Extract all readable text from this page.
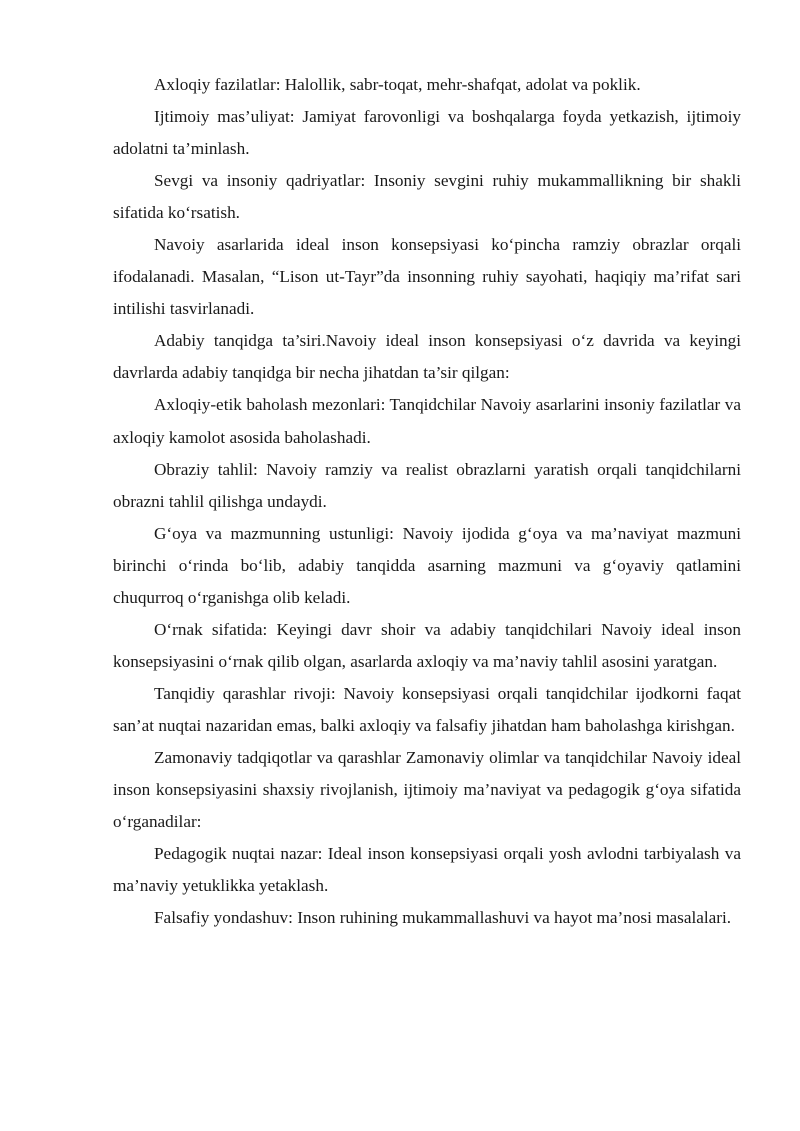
Axloqiy fazilatlar: Halollik, sabr-toqat, mehr-shafqat, adolat va poklik.

Ijtimoiy mas’uliyat: Jamiyat farovonligi va boshqalarga foyda yetkazish, ijtimoiy adolatni ta’minlash.

Sevgi va insoniy qadriyatlar: Insoniy sevgini ruhiy mukammallikning bir shakli sifatida ko‘rsatish.

Navoiy asarlarida ideal inson konsepsiyasi ko‘pincha ramziy obrazlar orqali ifodalanadi. Masalan, “Lison ut-Tayr”da insonning ruhiy sayohati, haqiqiy ma’rifat sari intilishi tasvirlanadi.

Adabiy tanqidga ta’siri.Navoiy ideal inson konsepsiyasi o‘z davrida va keyingi davrlarda adabiy tanqidga bir necha jihatdan ta’sir qilgan:

Axloqiy-etik baholash mezonlari: Tanqidchilar Navoiy asarlarini insoniy fazilatlar va axloqiy kamolot asosida baholashadi.

Obraziy tahlil: Navoiy ramziy va realist obrazlarni yaratish orqali tanqidchilarni obrazni tahlil qilishga undaydi.

G‘oya va mazmunning ustunligi: Navoiy ijodida g‘oya va ma’naviyat mazmuni birinchi o‘rinda bo‘lib, adabiy tanqidda asarning mazmuni va g‘oyaviy qatlamini chuqurroq o‘rganishga olib keladi.

O‘rnak sifatida: Keyingi davr shoir va adabiy tanqidchilari Navoiy ideal inson konsepsiyasini o‘rnak qilib olgan, asarlarda axloqiy va ma’naviy tahlil asosini yaratgan.

Tanqidiy qarashlar rivoji: Navoiy konsepsiyasi orqali tanqidchilar ijodkorni faqat san’at nuqtai nazaridan emas, balki axloqiy va falsafiy jihatdan ham baholashga kirishgan.

Zamonaviy tadqiqotlar va qarashlar Zamonaviy olimlar va tanqidchilar Navoiy ideal inson konsepsiyasini shaxsiy rivojlanish, ijtimoiy ma’naviyat va pedagogik g‘oya sifatida o‘rganadilar:

Pedagogik nuqtai nazar: Ideal inson konsepsiyasi orqali yosh avlodni tarbiyalash va ma’naviy yetuklikka yetaklash.

Falsafiy yondashuv: Inson ruhining mukammallashuvi va hayot ma’nosi masalalari.
